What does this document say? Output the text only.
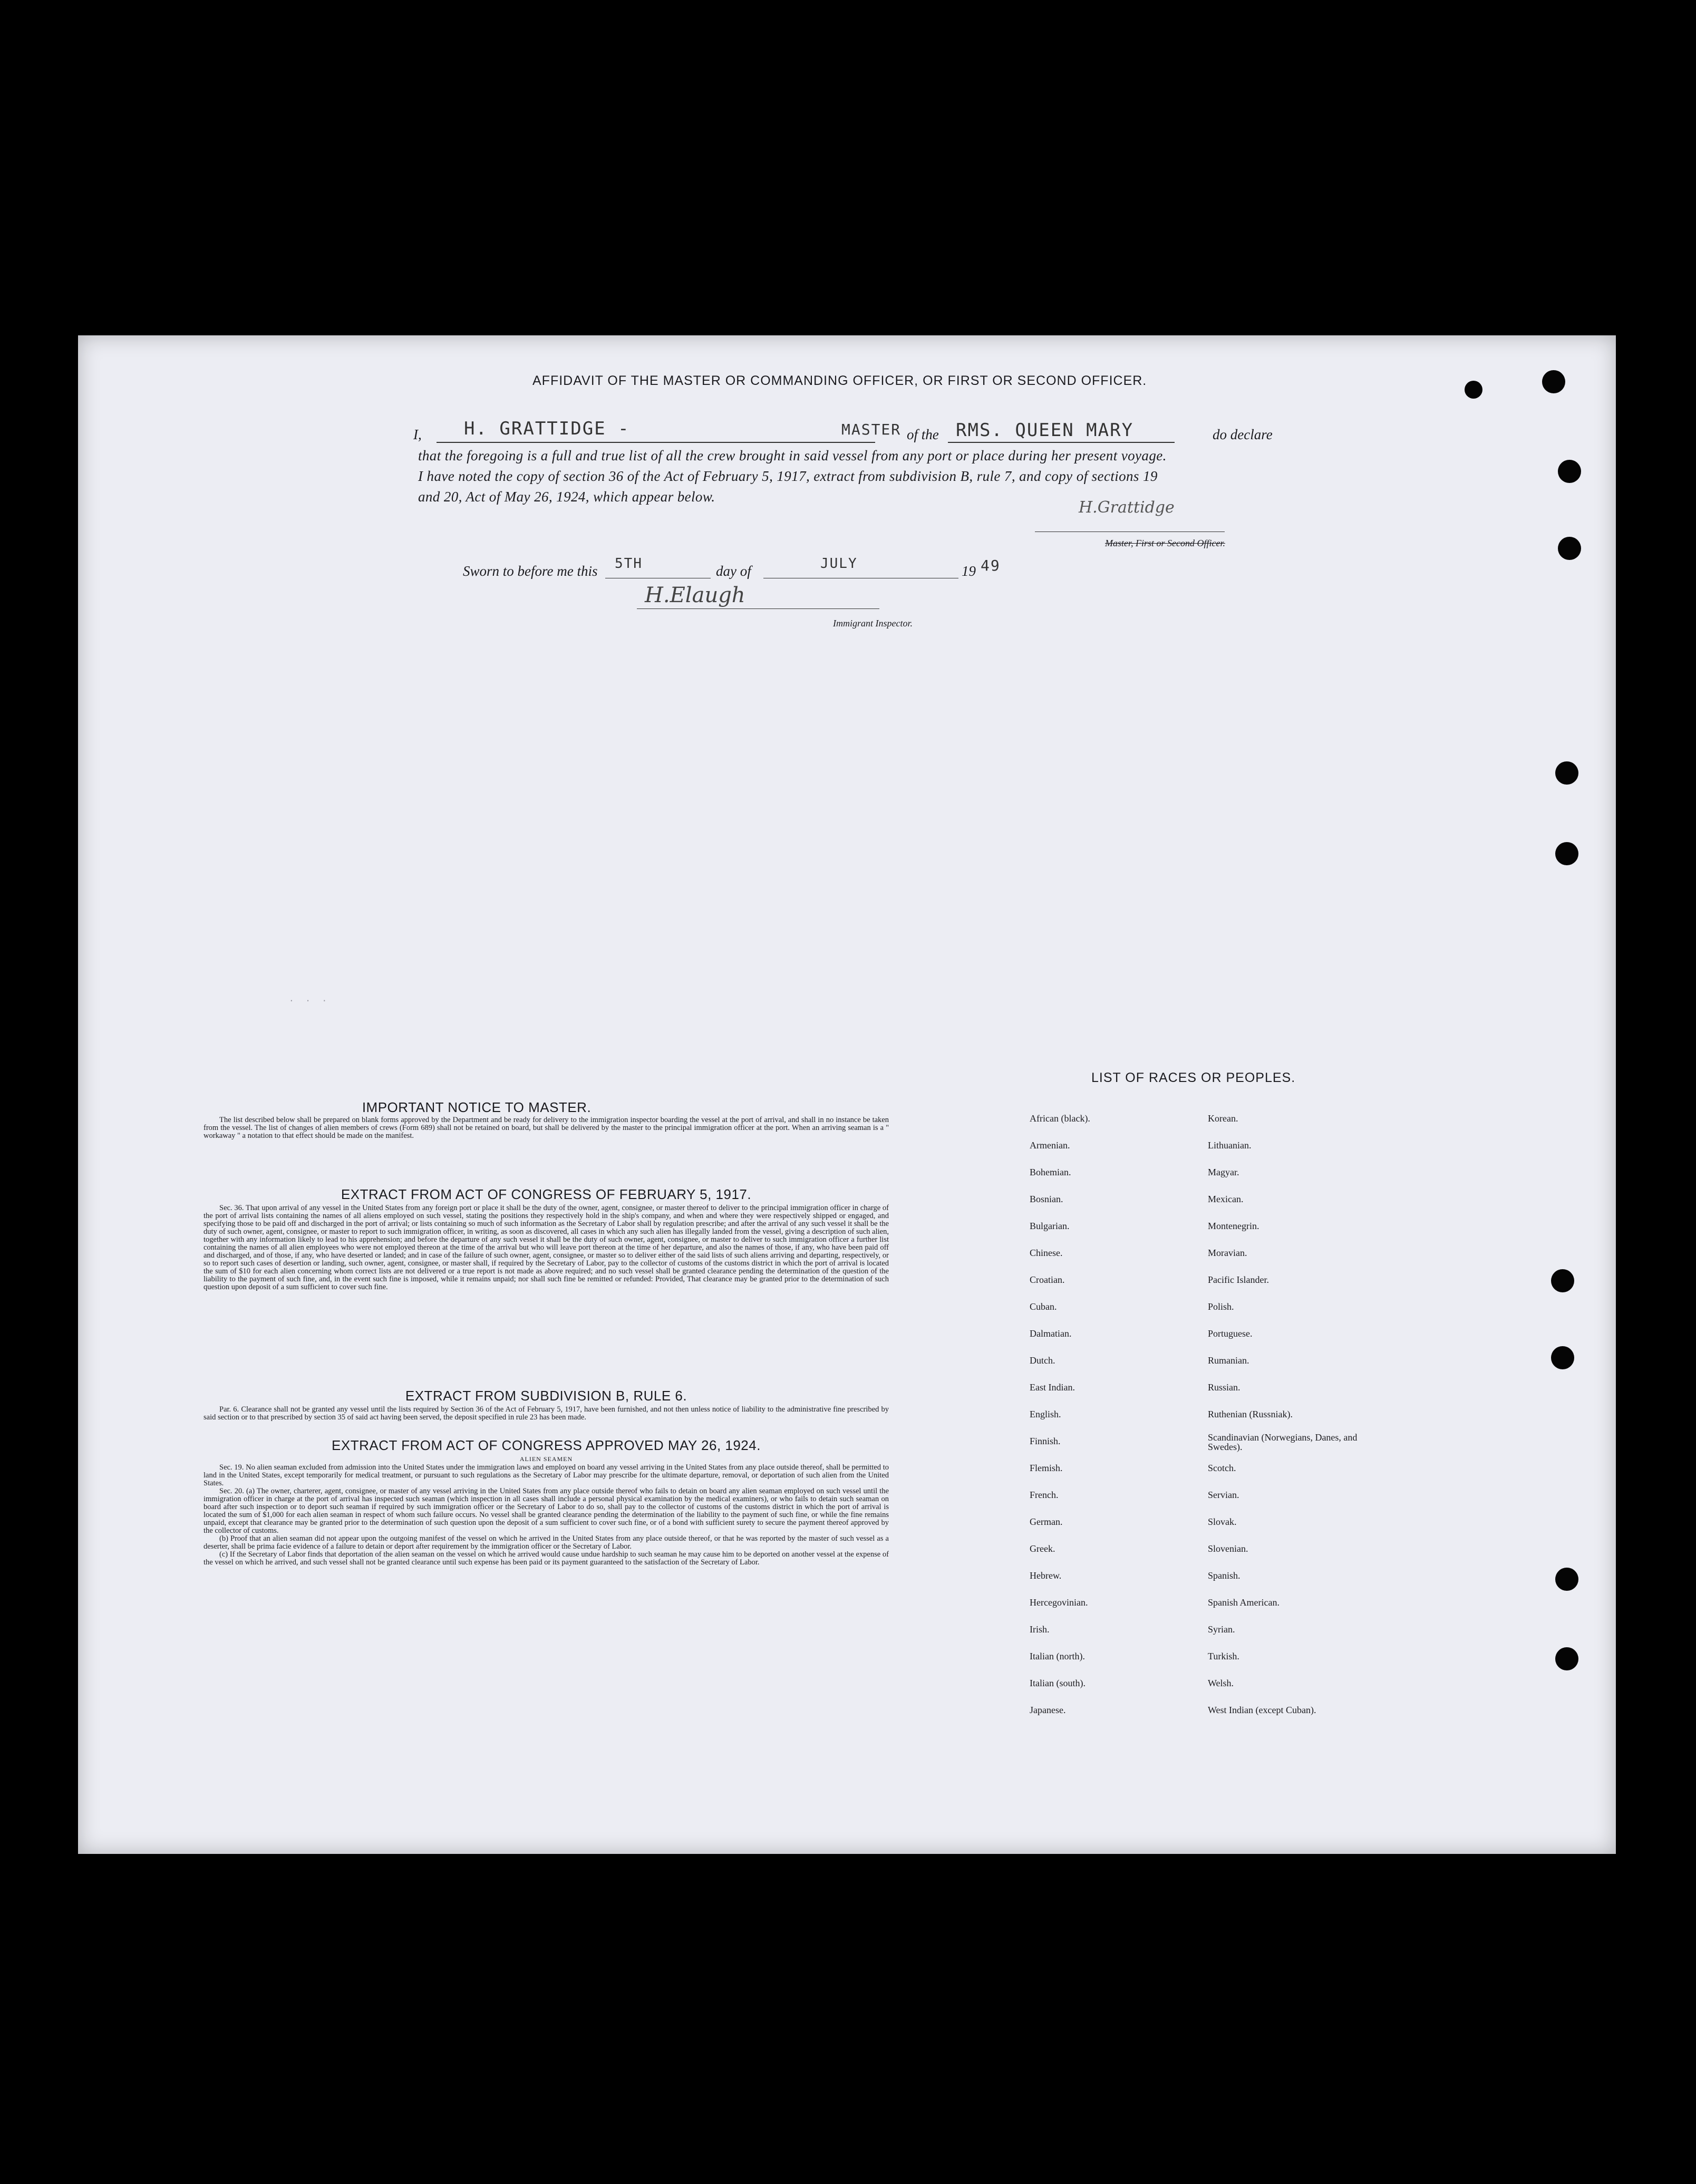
AFFIDAVIT OF THE MASTER OR COMMANDING OFFICER, OR FIRST OR SECOND OFFICER.
I, H. GRATTIDGE -	MASTER of the RMS. QUEEN MARY	do declare
that the foregoing is a full and true list of all the crew brought in said vessel from any port or place during her present voyage.
I have noted the copy of section 36 of the Act of February 5, 1917, extract from subdivision B, rule 7, and copy of sections 19
and 20, Act of May 26, 1924, which appear below.
H.Grattidge
Master, First or Second Officer.
Sworn to before me this 5TH	day of	JULY	19 49
H.Elaugh
Immigrant Inspector.
. . .
IMPORTANT NOTICE TO MASTER.

The list described below shall be prepared on blank forms approved by the Department and be ready for delivery to the immigration inspector boarding the vessel at the port of arrival, and shall in no instance be taken from the vessel. The list of changes of alien members of crews (Form 689) shall not be retained on board, but shall be delivered by the master to the principal immigration officer at the port. When an arriving seaman is a " workaway " a notation to that effect should be made on the manifest.

EXTRACT FROM ACT OF CONGRESS OF FEBRUARY 5, 1917.

Sec. 36. That upon arrival of any vessel in the United States from any foreign port or place it shall be the duty of the owner, agent, consignee, or master thereof to deliver to the principal immigration officer in charge of the port of arrival lists containing the names of all aliens employed on such vessel, stating the positions they respectively hold in the ship's company, and when and where they were respectively shipped or engaged, and specifying those to be paid off and discharged in the port of arrival; or lists containing so much of such information as the Secretary of Labor shall by regulation prescribe; and after the arrival of any such vessel it shall be the duty of such owner, agent, consignee, or master to report to such immigration officer, in writing, as soon as discovered, all cases in which any such alien has illegally landed from the vessel, giving a description of such alien, together with any information likely to lead to his apprehension; and before the departure of any such vessel it shall be the duty of such owner, agent, consignee, or master to deliver to such immigration officer a further list containing the names of all alien employees who were not employed thereon at the time of the arrival but who will leave port thereon at the time of her departure, and also the names of those, if any, who have been paid off and discharged, and of those, if any, who have deserted or landed; and in case of the failure of such owner, agent, consignee, or master so to deliver either of the said lists of such aliens arriving and departing, respectively, or so to report such cases of desertion or landing, such owner, agent, consignee, or master shall, if required by the Secretary of Labor, pay to the collector of customs of the customs district in which the port of arrival is located the sum of $10 for each alien concerning whom correct lists are not delivered or a true report is not made as above required; and no such vessel shall be granted clearance pending the determination of the question of the liability to the payment of such fine, and, in the event such fine is imposed, while it remains unpaid; nor shall such fine be remitted or refunded: Provided, That clearance may be granted prior to the determination of such question upon deposit of a sum sufficient to cover such fine.

EXTRACT FROM SUBDIVISION B, RULE 6.

Par. 6. Clearance shall not be granted any vessel until the lists required by Section 36 of the Act of February 5, 1917, have been furnished, and not then unless notice of liability to the administrative fine prescribed by said section or to that prescribed by section 35 of said act having been served, the deposit specified in rule 23 has been made.

EXTRACT FROM ACT OF CONGRESS APPROVED MAY 26, 1924.
ALIEN SEAMEN

Sec. 19. No alien seaman excluded from admission into the United States under the immigration laws and employed on board any vessel arriving in the United States from any place outside thereof, shall be permitted to land in the United States, except temporarily for medical treatment, or pursuant to such regulations as the Secretary of Labor may prescribe for the ultimate departure, removal, or deportation of such alien from the United States.

Sec. 20. (a) The owner, charterer, agent, consignee, or master of any vessel arriving in the United States from any place outside thereof who fails to detain on board any alien seaman employed on such vessel until the immigration officer in charge at the port of arrival has inspected such seaman (which inspection in all cases shall include a personal physical examination by the medical examiners), or who fails to detain such seaman on board after such inspection or to deport such seaman if required by such immigration officer or the Secretary of Labor to do so, shall pay to the collector of customs of the customs district in which the port of arrival is located the sum of $1,000 for each alien seaman in respect of whom such failure occurs. No vessel shall be granted clearance pending the determination of the liability to the payment of such fine, or while the fine remains unpaid, except that clearance may be granted prior to the determination of such question upon the deposit of a sum sufficient to cover such fine, or of a bond with sufficient surety to secure the payment thereof approved by the collector of customs.

(b) Proof that an alien seaman did not appear upon the outgoing manifest of the vessel on which he arrived in the United States from any place outside thereof, or that he was reported by the master of such vessel as a deserter, shall be prima facie evidence of a failure to detain or deport after requirement by the immigration officer or the Secretary of Labor.

(c) If the Secretary of Labor finds that deportation of the alien seaman on the vessel on which he arrived would cause undue hardship to such seaman he may cause him to be deported on another vessel at the expense of the vessel on which he arrived, and such vessel shall not be granted clearance until such expense has been paid or its payment guaranteed to the satisfaction of the Secretary of Labor.

LIST OF RACES OR PEOPLES.
African (black).
Armenian.
Bohemian.
Bosnian.
Bulgarian.
Chinese.
Croatian.
Cuban.
Dalmatian.
Dutch.
East Indian.
English.
Finnish.
Flemish.
French.
German.
Greek.
Hebrew.
Hercegovinian.
Irish.
Italian (north).
Italian (south).
Japanese.
Korean.
Lithuanian.
Magyar.
Mexican.
Montenegrin.
Moravian.
Pacific Islander.
Polish.
Portuguese.
Rumanian.
Russian.
Ruthenian (Russniak).
Scandinavian (Norwegians, Danes, and Swedes).
Scotch.
Servian.
Slovak.
Slovenian.
Spanish.
Spanish American.
Syrian.
Turkish.
Welsh.
West Indian (except Cuban).
